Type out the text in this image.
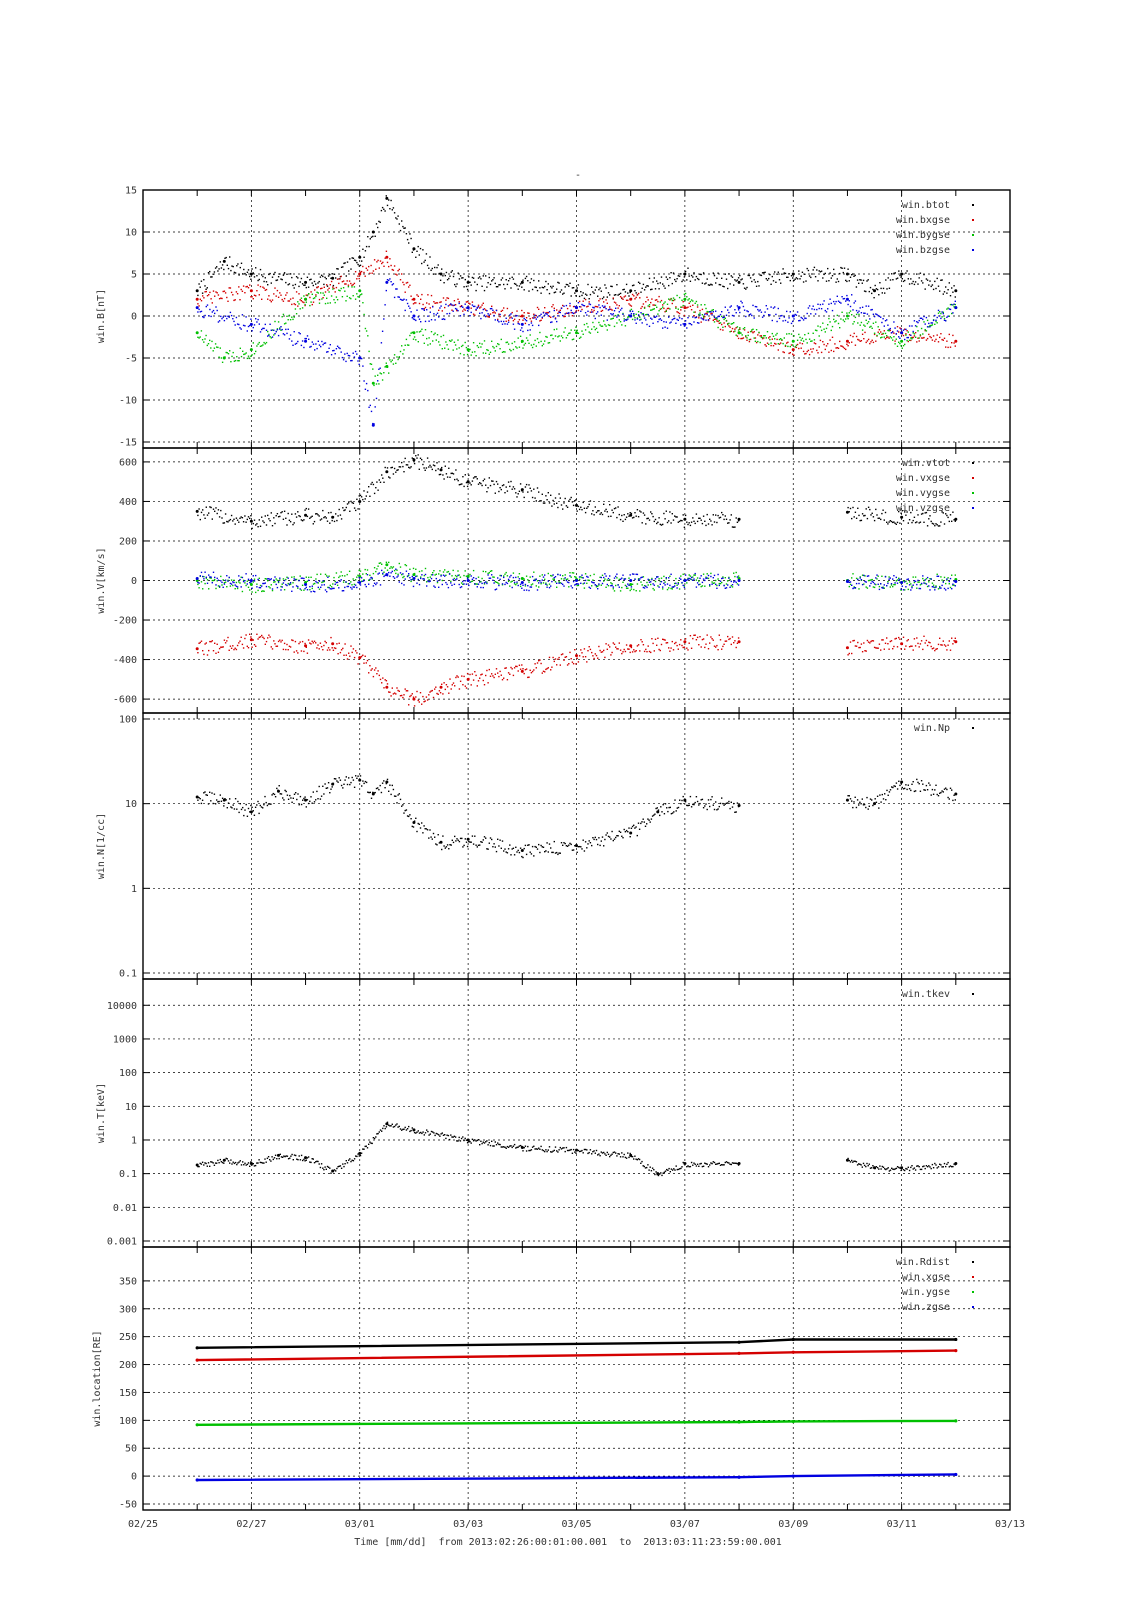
-
15
10
5
0
-5
-10
-15
win.B[nT]
win.btot
win.bxgse
win.bygse
win.bzgse
600
400
200
0
-200
-400
-600
win.V[km/s]
win.vtot
win.vxgse
win.vygse
win.vzgse
100
10
1
0.1
win.N[1/cc]
win.Np
10000
1000
100
10
1
0.1
0.01
0.001
win.T[keV]
win.tkev
350
300
250
200
150
100
50
0
-50
win.location[RE]
win.Rdist
win.xgse
win.ygse
win.zgse
02/25	02/27	03/01	03/03	03/05	03/07	03/09	03/11	03/13
Time [mm/dd] from 2013:02:26:00:01:00.001 to 2013:03:11:23:59:00.001
